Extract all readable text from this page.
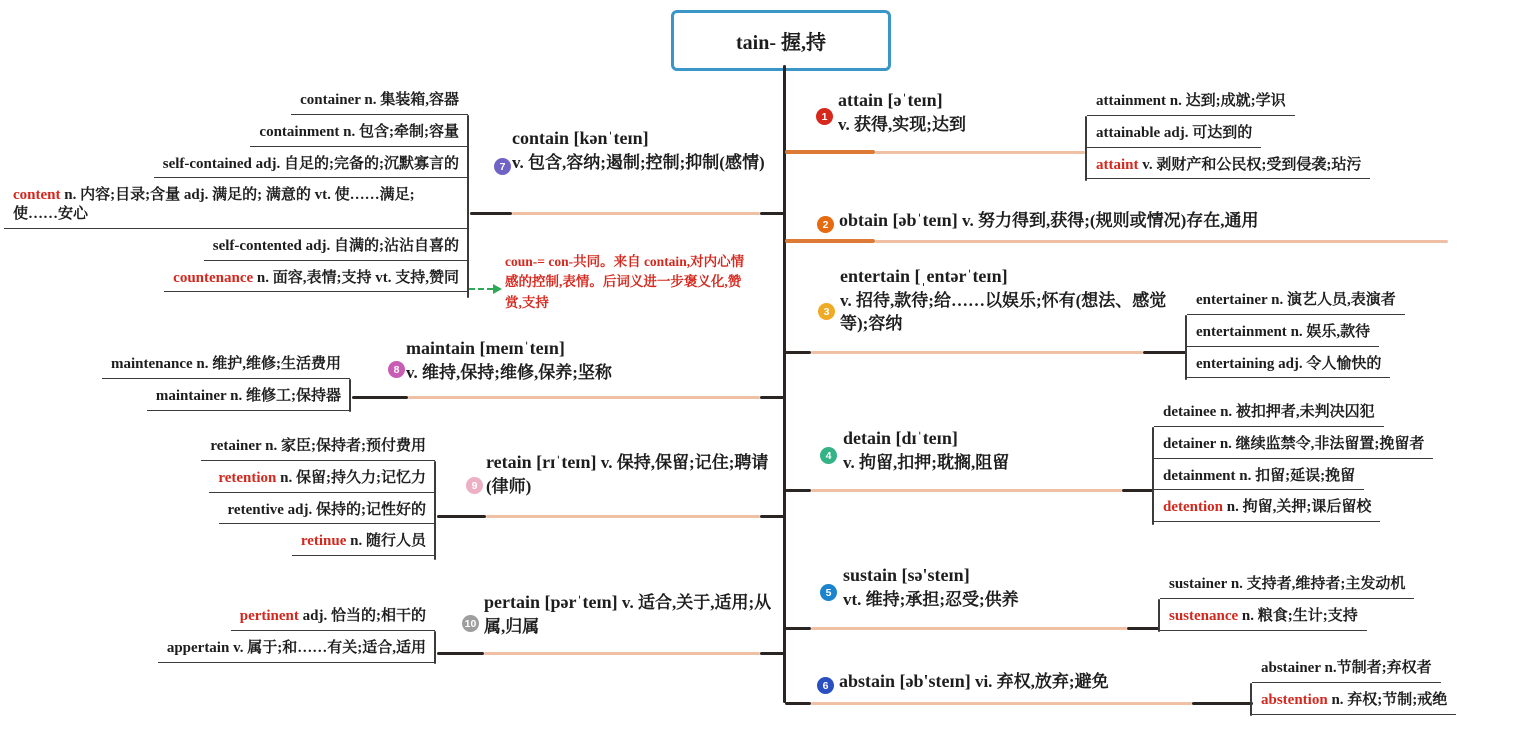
tain- 握,持
1
attain [əˈteɪn]
v. 获得,实现;达到
attainment n. 达到;成就;学识
attainable adj. 可达到的
attaint v. 剥财产和公民权;受到侵袭;玷污
2 obtain [əbˈteɪn] v. 努力得到,获得;(规则或情况)存在,通用
3
entertain [ˌentərˈteɪn]
v. 招待,款待;给……以娱乐;怀有(想法、感觉等);容纳
entertainer n. 演艺人员,表演者
entertainment n. 娱乐,款待
entertaining adj. 令人愉快的
4
detain [dɪˈteɪn]
v. 拘留,扣押;耽搁,阻留
detainee n. 被扣押者,未判决囚犯
detainer n. 继续监禁令,非法留置;挽留者
detainment n. 扣留;延误;挽留
detention n. 拘留,关押;课后留校
5
sustain [sə'steɪn]
vt. 维持;承担;忍受;供养
sustainer n. 支持者,维持者;主发动机
sustenance n. 粮食;生计;支持
6 abstain [əb'steɪn] vi. 弃权,放弃;避免
abstainer n.节制者;弃权者
abstention n. 弃权;节制;戒绝
7
contain [kənˈteɪn]
v. 包含,容纳;遏制;控制;抑制(感情)
container n. 集装箱,容器
containment n. 包含;牵制;容量
self-contained adj. 自足的;完备的;沉默寡言的
content n. 内容;目录;含量 adj. 满足的; 满意的 vt. 使……满足;使……安心
self-contented adj. 自满的;沾沾自喜的
countenance n. 面容,表情;支持 vt. 支持,赞同
coun-= con-共同。来自 contain,对内心情感的控制,表情。后词义进一步褒义化,赞赏,支持
8
maintain [meɪnˈteɪn]
v. 维持,保持;维修,保养;坚称
maintenance n. 维护,维修;生活费用
maintainer n. 维修工;保持器
9
retain [rɪˈteɪn] v. 保持,保留;记住;聘请(律师)
retainer n. 家臣;保持者;预付费用
retention n. 保留;持久力;记忆力
retentive adj. 保持的;记性好的
retinue n. 随行人员
10
pertain [pərˈteɪn] v. 适合,关于,适用;从属,归属
pertinent adj. 恰当的;相干的
appertain v. 属于;和……有关;适合,适用
